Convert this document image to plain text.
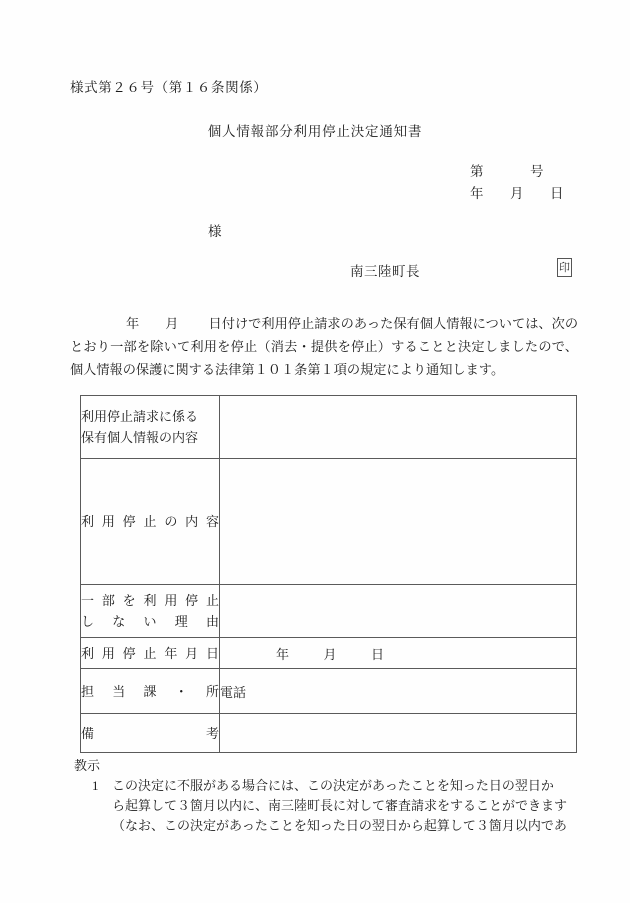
様式第２６号（第１６条関係）
個人情報部分利用停止決定通知書
第	号
年 月 日
様
南三陸町長	印
年 月 日付けで利用停止請求のあった保有個人情報については、次のとおり一部を除いて利用を停止（消去・提供を停止）することと決定しましたので、個人情報の保護に関する法律第１０１条第１項の規定により通知します。
利用停止請求に係る
保有個人情報の内容	

利用停止の内容	

一部を利用停止
しない理由	

利用停止年月日	年 月 日

担当課・所	電話

備考	

教示
1	この決定に不服がある場合には、この決定があったことを知った日の翌日か

ら起算して３箇月以内に、南三陸町長に対して審査請求をすることができます

（なお、この決定があったことを知った日の翌日から起算して３箇月以内であ
